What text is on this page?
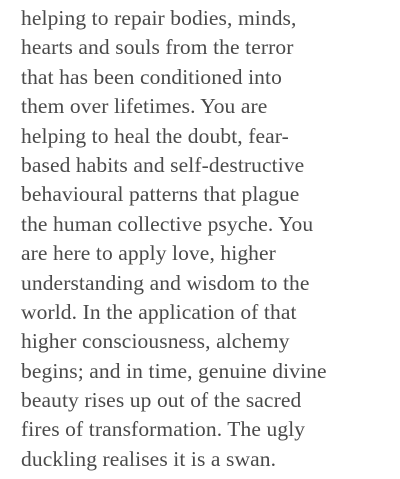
helping to repair bodies, minds,
hearts and souls from the terror
that has been conditioned into
them over lifetimes. You are
helping to heal the doubt, fear-
based habits and self-destructive
behavioural patterns that plague
the human collective psyche. You
are here to apply love, higher
understanding and wisdom to the
world. In the application of that
higher consciousness, alchemy
begins; and in time, genuine divine
beauty rises up out of the sacred
fires of transformation. The ugly
duckling realises it is a swan.
